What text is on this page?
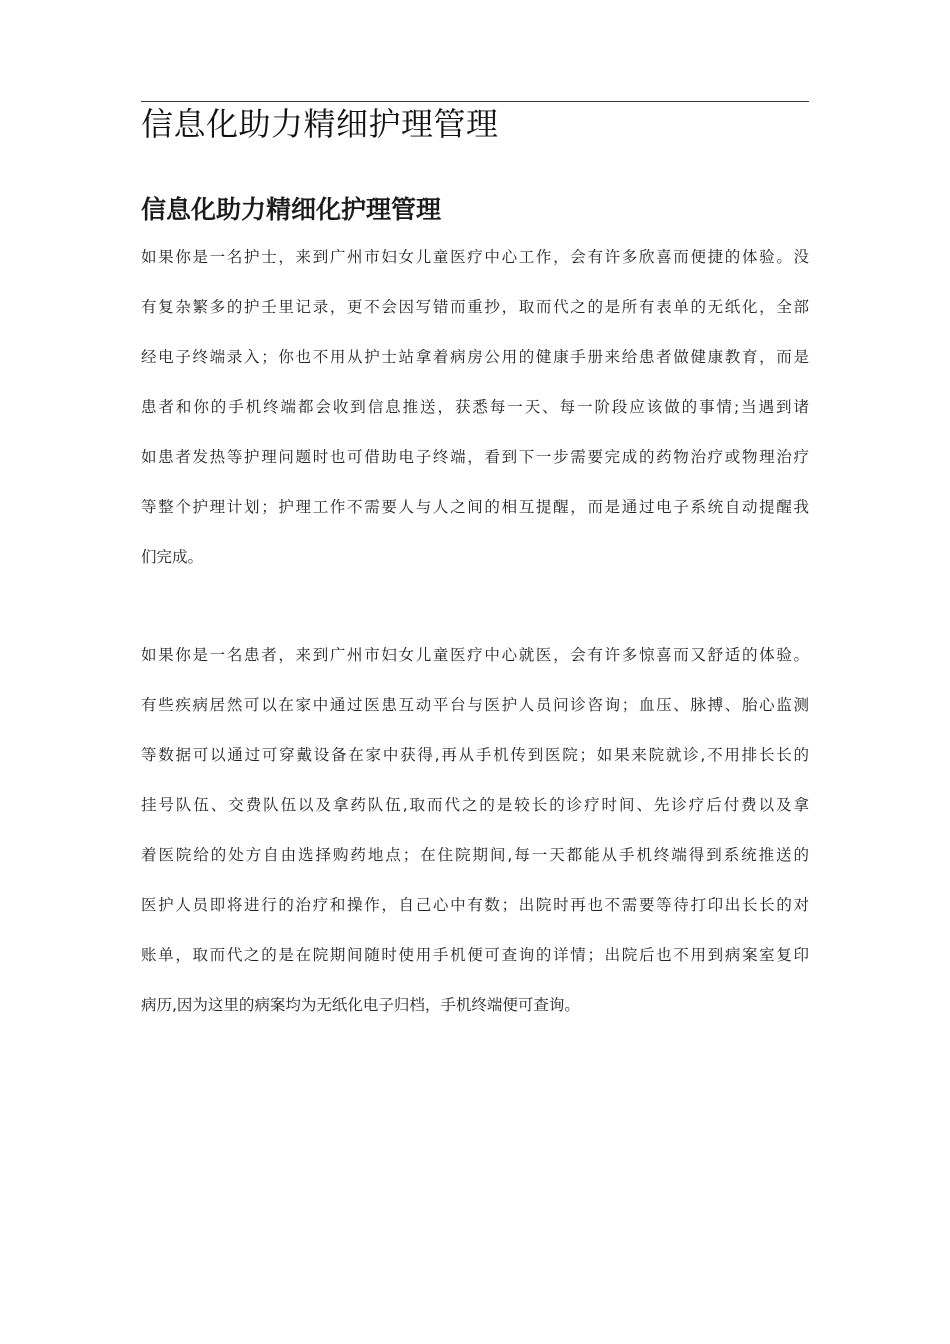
信息化助力精细护理管理
信息化助力精细化护理管理
如果你是一名护士，来到广州市妇女儿童医疗中心工作，会有许多欣喜而便捷的体验。没
有复杂繁多的护壬里记录，更不会因写错而重抄，取而代之的是所有表单的无纸化，全部
经电子终端录入；你也不用从护士站拿着病房公用的健康手册来给患者做健康教育，而是
患者和你的手机终端都会收到信息推送，获悉每一天、每一阶段应该做的事情;当遇到诸
如患者发热等护理问题时也可借助电子终端，看到下一步需要完成的药物治疗或物理治疗
等整个护理计划；护理工作不需要人与人之间的相互提醒，而是通过电子系统自动提醒我
们完成。
如果你是一名患者，来到广州市妇女儿童医疗中心就医，会有许多惊喜而又舒适的体验。
有些疾病居然可以在家中通过医患互动平台与医护人员问诊咨询；血压、脉搏、胎心监测
等数据可以通过可穿戴设备在家中获得,再从手机传到医院；如果来院就诊,不用排长长的
挂号队伍、交费队伍以及拿药队伍,取而代之的是较长的诊疗时间、先诊疗后付费以及拿
着医院给的处方自由选择购药地点；在住院期间,每一天都能从手机终端得到系统推送的
医护人员即将进行的治疗和操作，自己心中有数；出院时再也不需要等待打印出长长的对
账单，取而代之的是在院期间随时使用手机便可查询的详情；出院后也不用到病案室复印
病历,因为这里的病案均为无纸化电子归档，手机终端便可查询。
